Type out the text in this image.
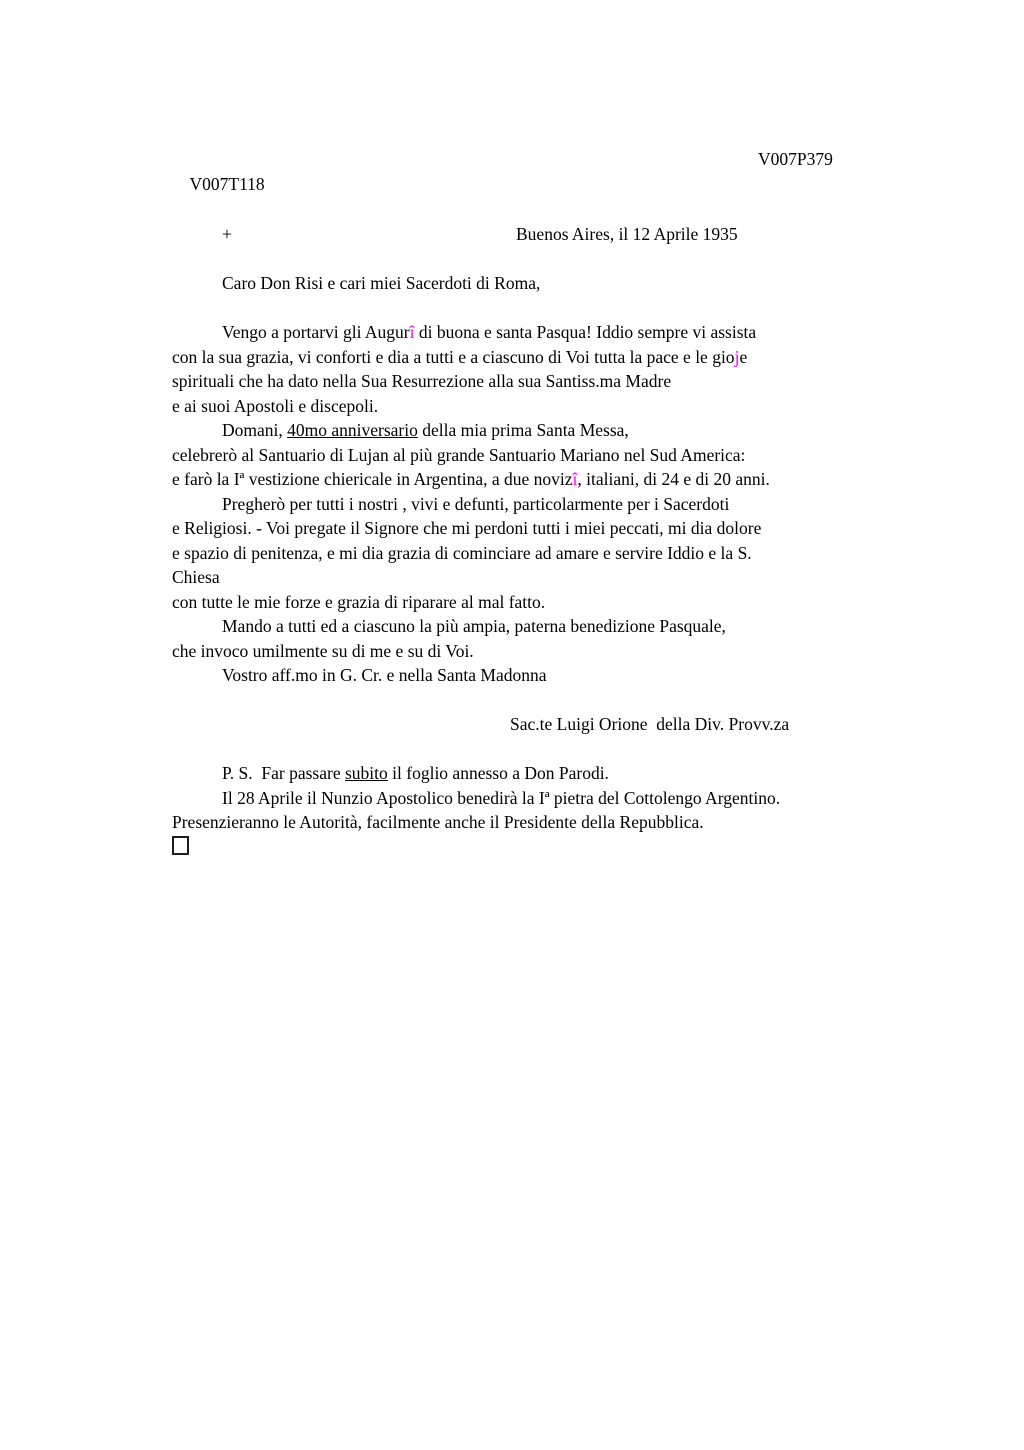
V007T118

V007P379

+	Buenos Aires, il 12 Aprile 1935

Caro Don Risi e cari miei Sacerdoti di Roma,

Vengo a portarvi gli Augurî di buona e santa Pasqua! Iddio sempre vi assista
con la sua grazia, vi conforti e dia a tutti e a ciascuno di Voi tutta la pace e le gioje
spirituali che ha dato nella Sua Resurrezione alla sua Santiss.ma Madre
e ai suoi Apostoli e discepoli.
Domani, 40mo anniversario della mia prima Santa Messa,
celebrerò al Santuario di Lujan al più grande Santuario Mariano nel Sud America:
e farò la Iª vestizione chiericale in Argentina, a due novizî, italiani, di 24 e di 20 anni.
Pregherò per tutti i nostri , vivi e defunti, particolarmente per i Sacerdoti
e Religiosi. - Voi pregate il Signore che mi perdoni tutti i miei peccati, mi dia dolore
e spazio di penitenza, e mi dia grazia di cominciare ad amare e servire Iddio e la S.
Chiesa
con tutte le mie forze e grazia di riparare al mal fatto.
Mando a tutti ed a ciascuno la più ampia, paterna benedizione Pasquale,
che invoco umilmente su di me e su di Voi.
Vostro aff.mo in G. Cr. e nella Santa Madonna

Sac.te Luigi Orione  della Div. Provv.za

P. S.  Far passare subito il foglio annesso a Don Parodi.
Il 28 Aprile il Nunzio Apostolico benedirà la Iª pietra del Cottolengo Argentino.
Presenzieranno le Autorità, facilmente anche il Presidente della Repubblica.
